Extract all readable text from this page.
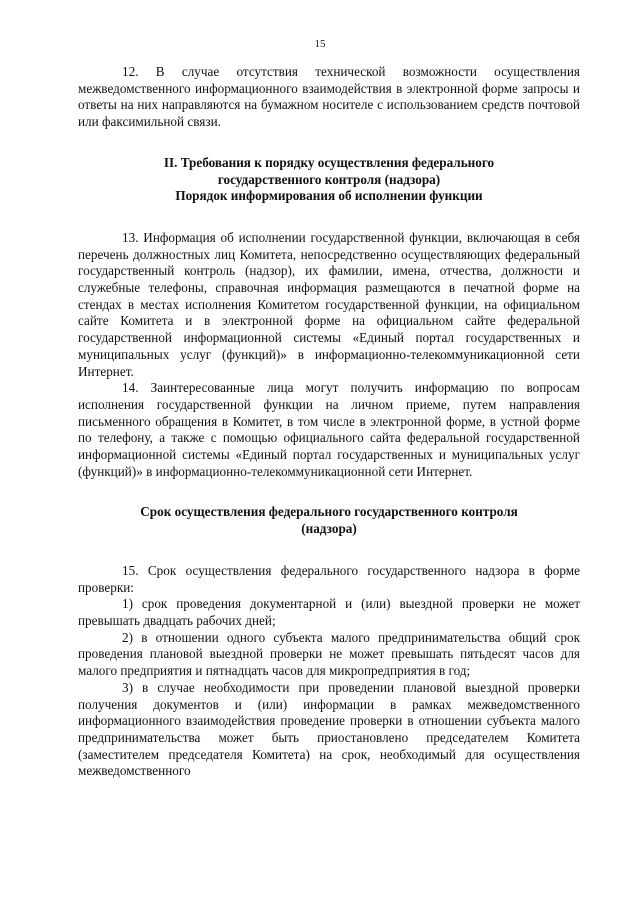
15

12. В случае отсутствия технической возможности осуществления межведомственного информационного взаимодействия в электронной форме запросы и ответы на них направляются на бумажном носителе с использованием средств почтовой или факсимильной связи.

II. Требования к порядку осуществления федерального

государственного контроля (надзора)

Порядок информирования об исполнении функции

13. Информация об исполнении государственной функции, включающая в себя перечень должностных лиц Комитета, непосредственно осуществляющих федеральный государственный контроль (надзор), их фамилии, имена, отчества, должности и служебные телефоны, справочная информация размещаются в печатной форме на стендах в местах исполнения Комитетом государственной функции, на официальном сайте Комитета и в электронной форме на официальном сайте федеральной государственной информационной системы «Единый портал государственных и муниципальных услуг (функций)» в информационно-телекоммуникационной сети Интернет.

14. Заинтересованные лица могут получить информацию по вопросам исполнения государственной функции на личном приеме, путем направления письменного обращения в Комитет, в том числе в электронной форме, в устной форме по телефону, а также с помощью официального сайта федеральной государственной информационной системы «Единый портал государственных и муниципальных услуг (функций)» в информационно-телекоммуникационной сети Интернет.

Срок осуществления федерального государственного контроля

(надзора)

15. Срок осуществления федерального государственного надзора в форме проверки:

1) срок проведения документарной и (или) выездной проверки не может превышать двадцать рабочих дней;

2) в отношении одного субъекта малого предпринимательства общий срок проведения плановой выездной проверки не может превышать пятьдесят часов для малого предприятия и пятнадцать часов для микропредприятия в год;

3) в случае необходимости при проведении плановой выездной проверки получения документов и (или) информации в рамках межведомственного информационного взаимодействия проведение проверки в отношении субъекта малого предпринимательства может быть приостановлено председателем Комитета (заместителем председателя Комитета) на срок, необходимый для осуществления межведомственного
